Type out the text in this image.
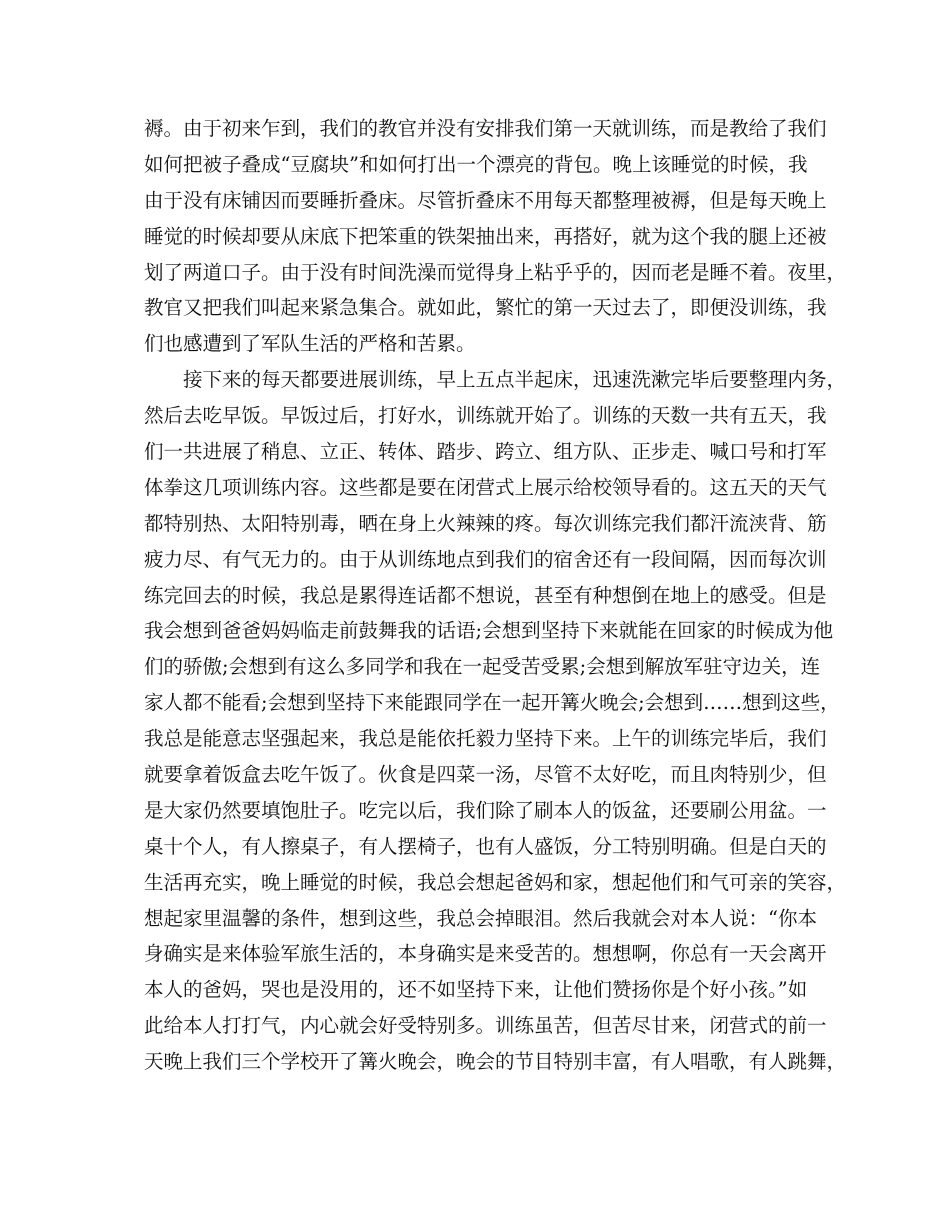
褥。由于初来乍到，我们的教官并没有安排我们第一天就训练，而是教给了我们
如何把被子叠成“豆腐块”和如何打出一个漂亮的背包。晚上该睡觉的时候，我
由于没有床铺因而要睡折叠床。尽管折叠床不用每天都整理被褥，但是每天晚上
睡觉的时候却要从床底下把笨重的铁架抽出来，再搭好，就为这个我的腿上还被
划了两道口子。由于没有时间洗澡而觉得身上粘乎乎的，因而老是睡不着。夜里，
教官又把我们叫起来紧急集合。就如此，繁忙的第一天过去了，即便没训练，我
们也感遭到了军队生活的严格和苦累。
接下来的每天都要进展训练，早上五点半起床，迅速洗漱完毕后要整理内务，
然后去吃早饭。早饭过后，打好水，训练就开始了。训练的天数一共有五天，我
们一共进展了稍息、立正、转体、踏步、跨立、组方队、正步走、喊口号和打军
体拳这几项训练内容。这些都是要在闭营式上展示给校领导看的。这五天的天气
都特别热、太阳特别毒，晒在身上火辣辣的疼。每次训练完我们都汗流浃背、筋
疲力尽、有气无力的。由于从训练地点到我们的宿舍还有一段间隔，因而每次训
练完回去的时候，我总是累得连话都不想说，甚至有种想倒在地上的感受。但是
我会想到爸爸妈妈临走前鼓舞我的话语;会想到坚持下来就能在回家的时候成为他
们的骄傲;会想到有这么多同学和我在一起受苦受累;会想到解放军驻守边关，连
家人都不能看;会想到坚持下来能跟同学在一起开篝火晚会;会想到……想到这些，
我总是能意志坚强起来，我总是能依托毅力坚持下来。上午的训练完毕后，我们
就要拿着饭盒去吃午饭了。伙食是四菜一汤，尽管不太好吃，而且肉特别少，但
是大家仍然要填饱肚子。吃完以后，我们除了刷本人的饭盆，还要刷公用盆。一
桌十个人，有人擦桌子，有人摆椅子，也有人盛饭，分工特别明确。但是白天的
生活再充实，晚上睡觉的时候，我总会想起爸妈和家，想起他们和气可亲的笑容，
想起家里温馨的条件，想到这些，我总会掉眼泪。然后我就会对本人说：“你本
身确实是来体验军旅生活的，本身确实是来受苦的。想想啊，你总有一天会离开
本人的爸妈，哭也是没用的，还不如坚持下来，让他们赞扬你是个好小孩。”如
此给本人打打气，内心就会好受特别多。训练虽苦，但苦尽甘来，闭营式的前一
天晚上我们三个学校开了篝火晚会，晚会的节目特别丰富，有人唱歌，有人跳舞，
